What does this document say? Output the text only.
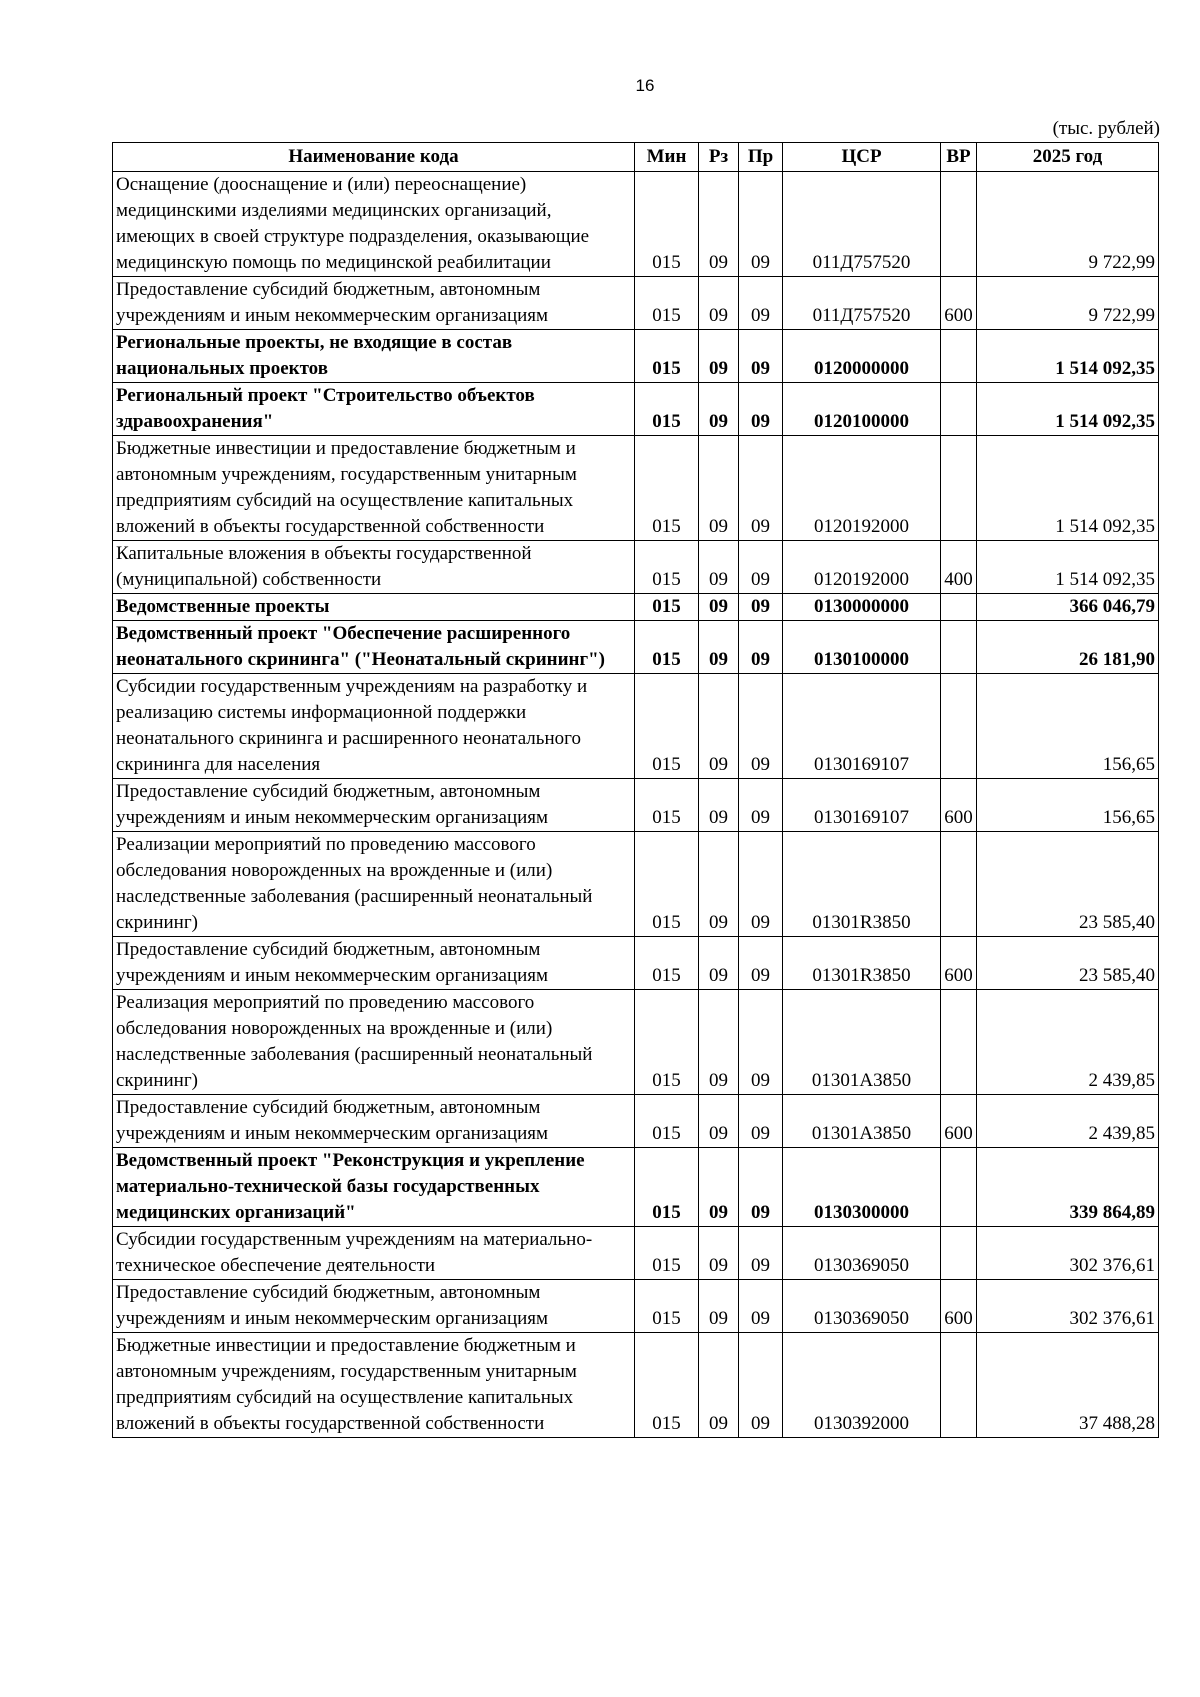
16
(тыс. рублей)
Наименование кода	Мин	Рз	Пр	ЦСР	ВР	2025 год
Оснащение (дооснащение и (или) переоснащение) медицинскими изделиями медицинских организаций, имеющих в своей структуре подразделения, оказывающие медицинскую помощь по медицинской реабилитации	015	09	09	011Д757520		9 722,99
Предоставление субсидий бюджетным, автономным учреждениям и иным некоммерческим организациям	015	09	09	011Д757520	600	9 722,99
Региональные проекты, не входящие в состав национальных проектов	015	09	09	0120000000		1 514 092,35
Региональный проект "Строительство объектов здравоохранения"	015	09	09	0120100000		1 514 092,35
Бюджетные инвестиции и предоставление бюджетным и автономным учреждениям, государственным унитарным предприятиям субсидий на осуществление капитальных вложений в объекты государственной собственности	015	09	09	0120192000		1 514 092,35
Капитальные вложения в объекты государственной (муниципальной) собственности	015	09	09	0120192000	400	1 514 092,35
Ведомственные проекты	015	09	09	0130000000		366 046,79
Ведомственный проект "Обеспечение расширенного неонатального скрининга" ("Неонатальный скрининг")	015	09	09	0130100000		26 181,90
Субсидии государственным учреждениям на разработку и реализацию системы информационной поддержки неонатального скрининга и расширенного неонатального скрининга для населения	015	09	09	0130169107		156,65
Предоставление субсидий бюджетным, автономным учреждениям и иным некоммерческим организациям	015	09	09	0130169107	600	156,65
Реализации мероприятий по проведению массового обследования новорожденных на врожденные и (или) наследственные заболевания (расширенный неонатальный скрининг)	015	09	09	01301R3850		23 585,40
Предоставление субсидий бюджетным, автономным учреждениям и иным некоммерческим организациям	015	09	09	01301R3850	600	23 585,40
Реализация мероприятий по проведению массового обследования новорожденных на врожденные и (или) наследственные заболевания (расширенный неонатальный скрининг)	015	09	09	01301A3850		2 439,85
Предоставление субсидий бюджетным, автономным учреждениям и иным некоммерческим организациям	015	09	09	01301A3850	600	2 439,85
Ведомственный проект "Реконструкция и укрепление материально-технической базы государственных медицинских организаций"	015	09	09	0130300000		339 864,89
Субсидии государственным учреждениям на материально-техническое обеспечение деятельности	015	09	09	0130369050		302 376,61
Предоставление субсидий бюджетным, автономным учреждениям и иным некоммерческим организациям	015	09	09	0130369050	600	302 376,61
Бюджетные инвестиции и предоставление бюджетным и автономным учреждениям, государственным унитарным предприятиям субсидий на осуществление капитальных вложений в объекты государственной собственности	015	09	09	0130392000		37 488,28
